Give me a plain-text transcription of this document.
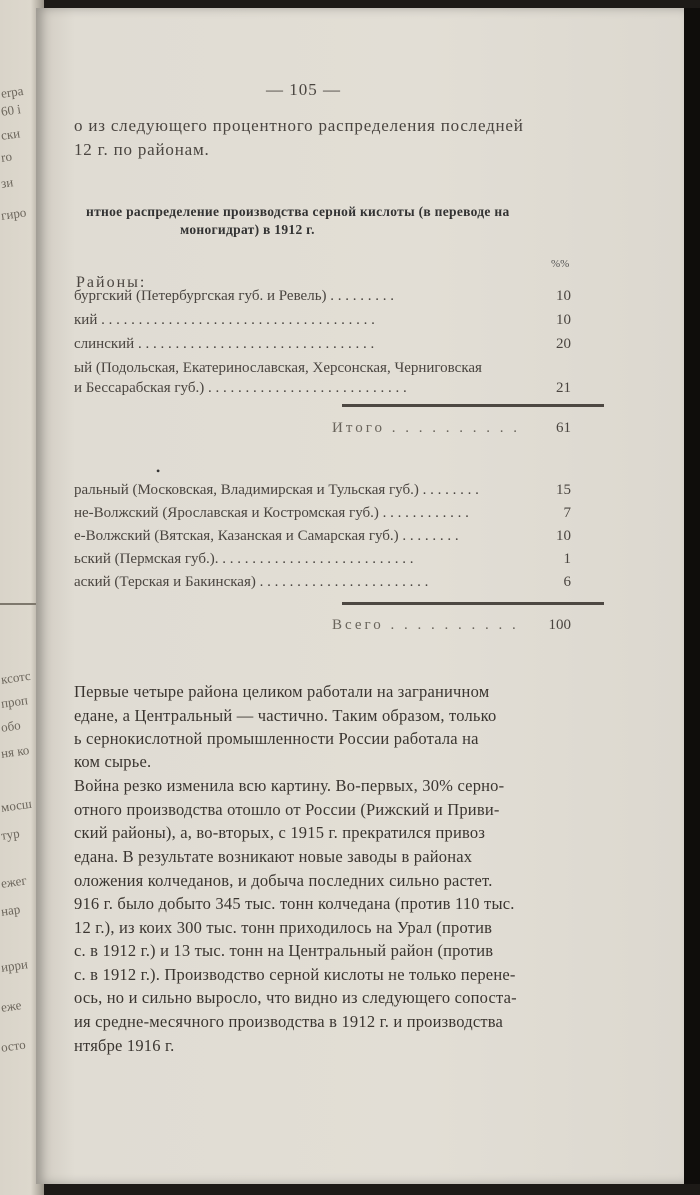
erpa
60 i
ски
ro
зи
гиро
ксотс
проп
обо
ня ко
мосш
тур
ежег
нар
ирри
еже
осто
— 105 —
о из следующего процентного распределения последней
12 г. по районам.
нтное распределение производства серной кислоты (в переводе на
моногидрат) в 1912 г.
%%
Районы:
бургский (Петербургская губ. и Ревель) . . . . . . . . .	10
кий . . . . . . . . . . . . . . . . . . . . . . . . . . . . . . . . . . . . .	10
слинский . . . . . . . . . . . . . . . . . . . . . . . . . . . . . . . .	20
ый (Подольская, Екатеринославская, Херсонская, Черниговская
и Бессарабская губ.) . . . . . . . . . . . . . . . . . . . . . . . . . . .	21
Итого . . . . . . . . . .	61
•
ральный (Московская, Владимирская и Тульская губ.) . . . . . . . .	15
не-Волжский (Ярославская и Костромская губ.) . . . . . . . . . . . .	7
е-Волжский (Вятская, Казанская и Самарская губ.) . . . . . . . .	10
ьский (Пермская губ.). . . . . . . . . . . . . . . . . . . . . . . . . . .	1
аский (Терская и Бакинская) . . . . . . . . . . . . . . . . . . . . . . .	6
Всего . . . . . . . . . .	100
Первые четыре района целиком работали на заграничном
едане, а Центральный — частично. Таким образом, только
ь сернокислотной промышленности России работала на
ком сырье.
Война резко изменила всю картину. Во-первых, 30% серно-
отного производства отошло от России (Рижский и Приви-
ский районы), а, во-вторых, с 1915 г. прекратился привоз
едана. В результате возникают новые заводы в районах
оложения колчеданов, и добыча последних сильно растет.
916 г. было добыто 345 тыс. тонн колчедана (против 110 тыс.
12 г.), из коих 300 тыс. тонн приходилось на Урал (против
с. в 1912 г.) и 13 тыс. тонн на Центральный район (против
с. в 1912 г.). Производство серной кислоты не только перене-
ось, но и сильно выросло, что видно из следующего сопоста-
ия средне-месячного производства в 1912 г. и производства
нтябре 1916 г.
